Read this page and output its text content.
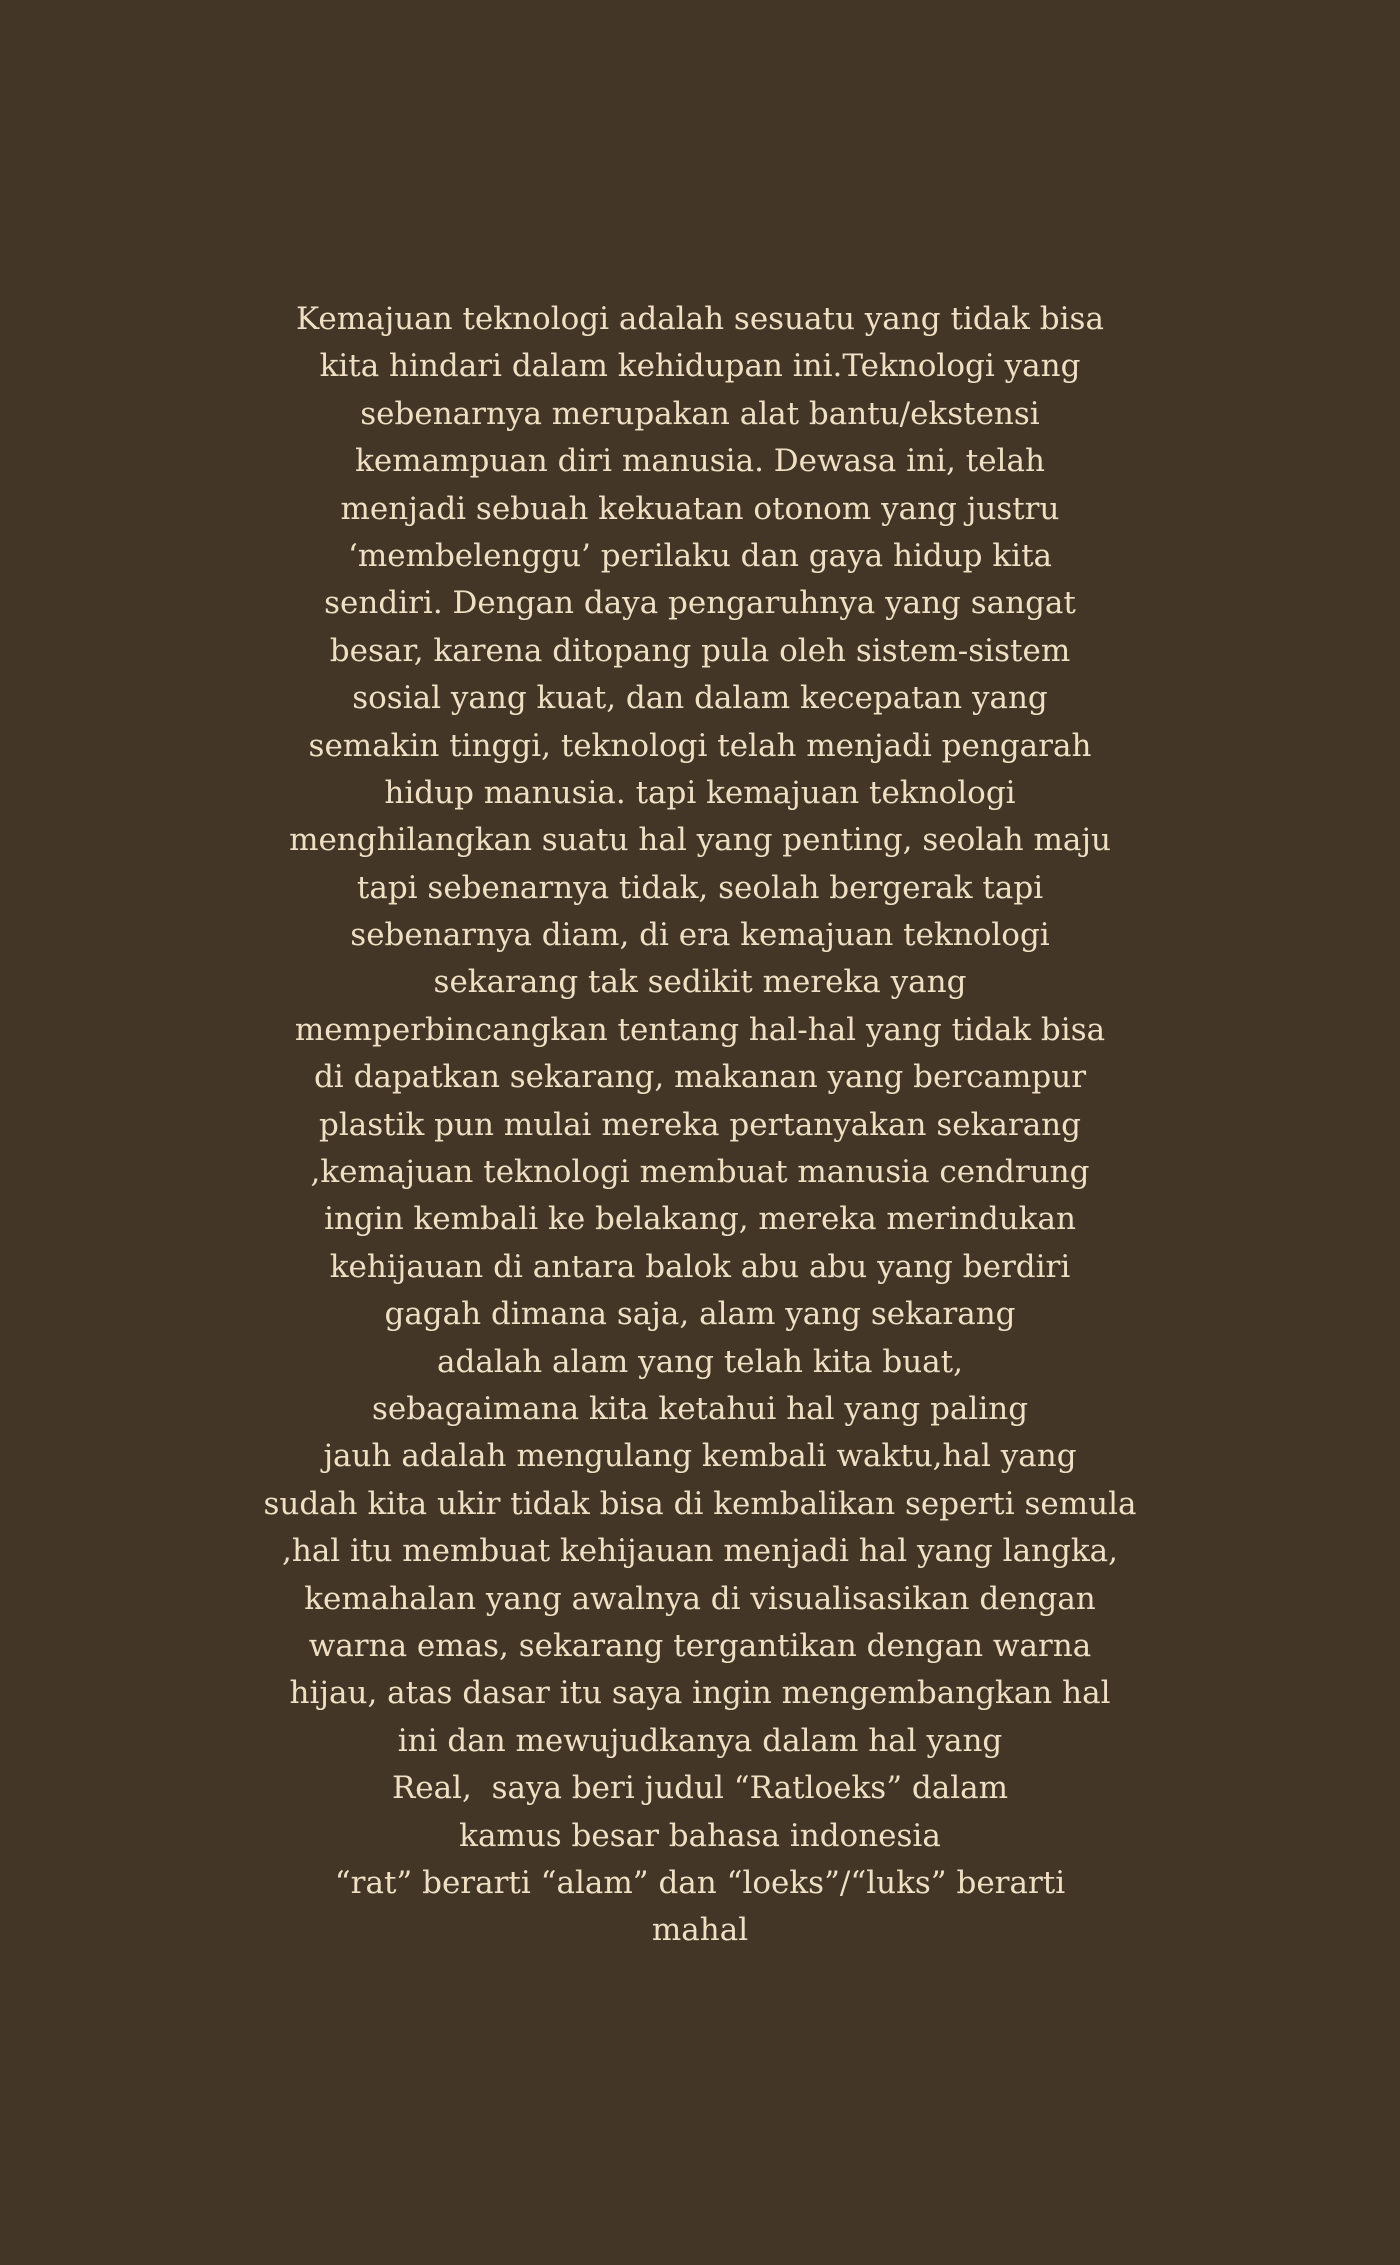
Kemajuan teknologi adalah sesuatu yang tidak bisa
kita hindari dalam kehidupan ini.Teknologi yang
sebenarnya merupakan alat bantu/ekstensi
kemampuan diri manusia. Dewasa ini, telah
menjadi sebuah kekuatan otonom yang justru
‘membelenggu’ perilaku dan gaya hidup kita
sendiri. Dengan daya pengaruhnya yang sangat
besar, karena ditopang pula oleh sistem-sistem
sosial yang kuat, dan dalam kecepatan yang
semakin tinggi, teknologi telah menjadi pengarah
hidup manusia. tapi kemajuan teknologi
menghilangkan suatu hal yang penting, seolah maju
tapi sebenarnya tidak, seolah bergerak tapi
sebenarnya diam, di era kemajuan teknologi
sekarang tak sedikit mereka yang
memperbincangkan tentang hal-hal yang tidak bisa
di dapatkan sekarang, makanan yang bercampur
plastik pun mulai mereka pertanyakan sekarang
,kemajuan teknologi membuat manusia cendrung
ingin kembali ke belakang, mereka merindukan
kehijauan di antara balok abu abu yang berdiri
gagah dimana saja, alam yang sekarang
adalah alam yang telah kita buat,
sebagaimana kita ketahui hal yang paling
jauh adalah mengulang kembali waktu,hal yang
sudah kita ukir tidak bisa di kembalikan seperti semula
,hal itu membuat kehijauan menjadi hal yang langka,
kemahalan yang awalnya di visualisasikan dengan
warna emas, sekarang tergantikan dengan warna
hijau, atas dasar itu saya ingin mengembangkan hal
ini dan mewujudkanya dalam hal yang
Real,  saya beri judul “Ratloeks” dalam
kamus besar bahasa indonesia
“rat” berarti “alam” dan “loeks”/“luks” berarti
mahal
